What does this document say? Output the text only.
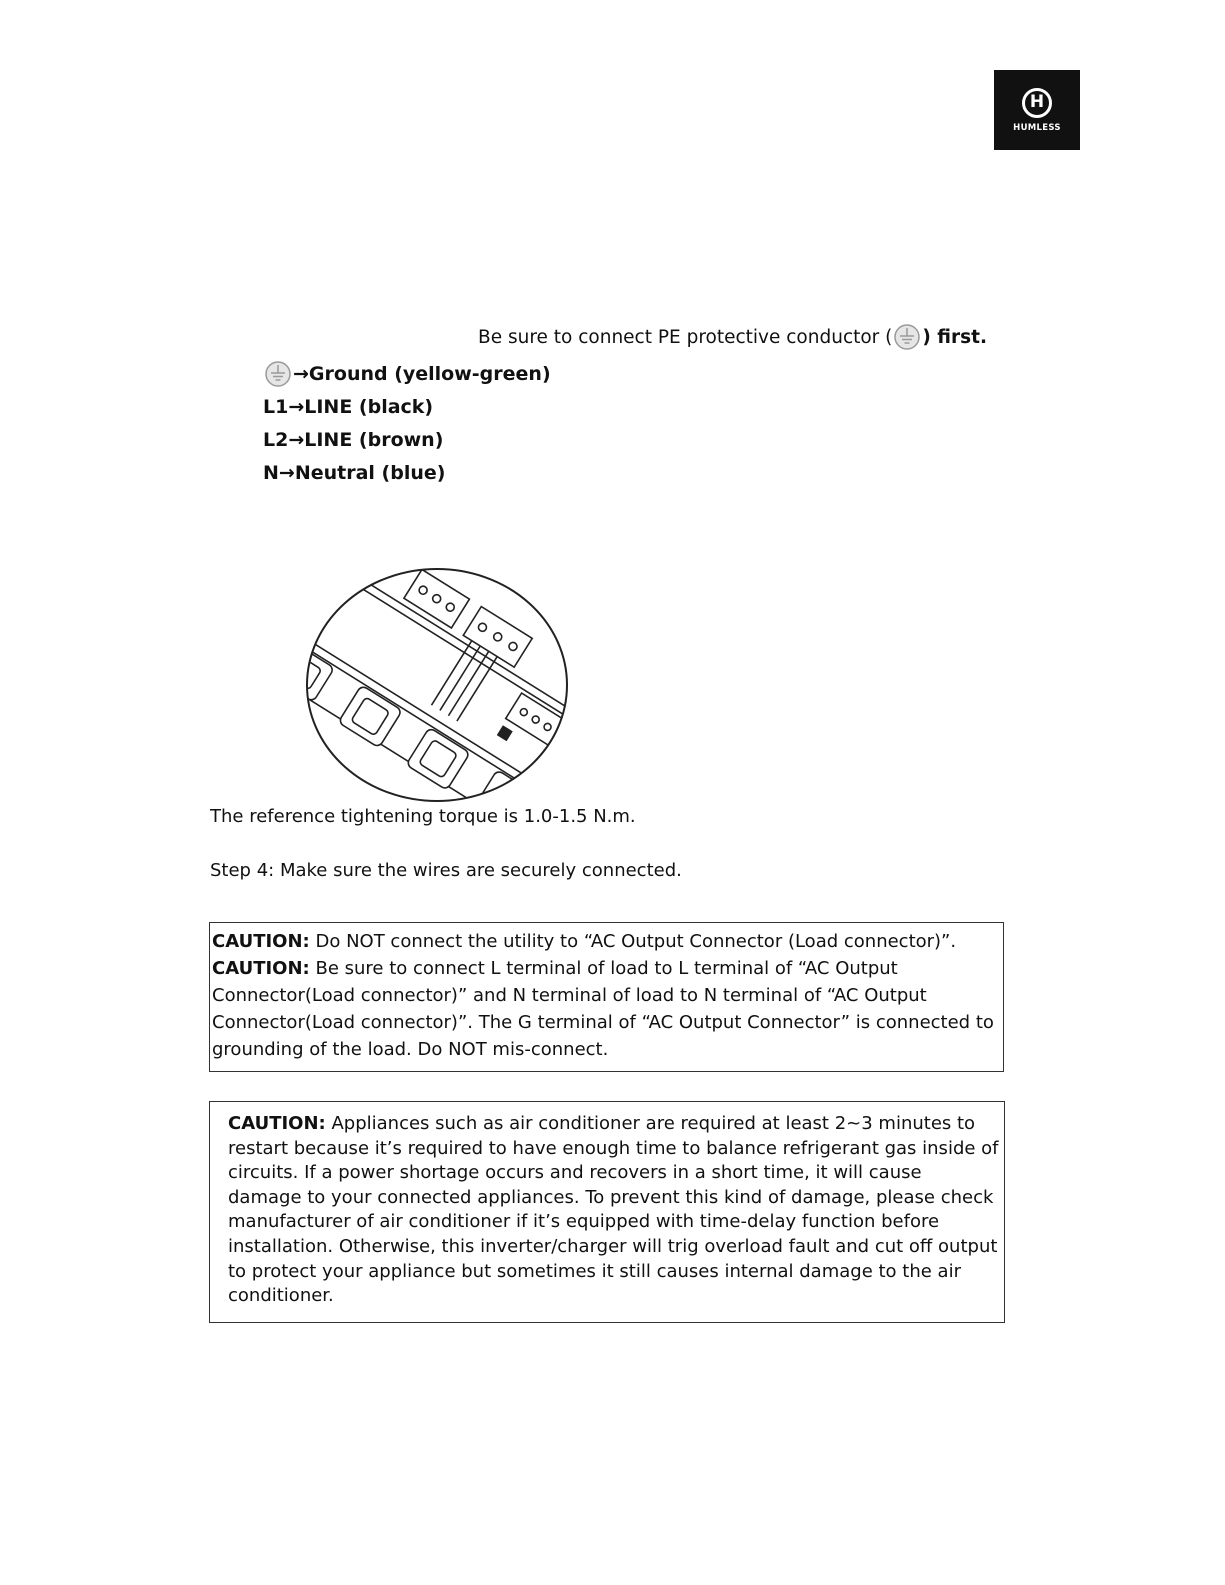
H
HUMLESS
Be sure to connect PE protective conductor ( ) first.
→Ground (yellow-green)
L1→LINE (black)
L2→LINE (brown)
N→Neutral (blue)
The reference tightening torque is 1.0-1.5 N.m.
Step 4: Make sure the wires are securely connected.
CAUTION: Do NOT connect the utility to “AC Output Connector (Load connector)”.
CAUTION: Be sure to connect L terminal of load to L terminal of “AC Output
Connector(Load connector)” and N terminal of load to N terminal of “AC Output
Connector(Load connector)”. The G terminal of “AC Output Connector” is connected to
grounding of the load. Do NOT mis-connect.
CAUTION: Appliances such as air conditioner are required at least 2~3 minutes to
restart because it’s required to have enough time to balance refrigerant gas inside of
circuits. If a power shortage occurs and recovers in a short time, it will cause
damage to your connected appliances. To prevent this kind of damage, please check
manufacturer of air conditioner if it’s equipped with time-delay function before
installation. Otherwise, this inverter/charger will trig overload fault and cut off output
to protect your appliance but sometimes it still causes internal damage to the air
conditioner.
